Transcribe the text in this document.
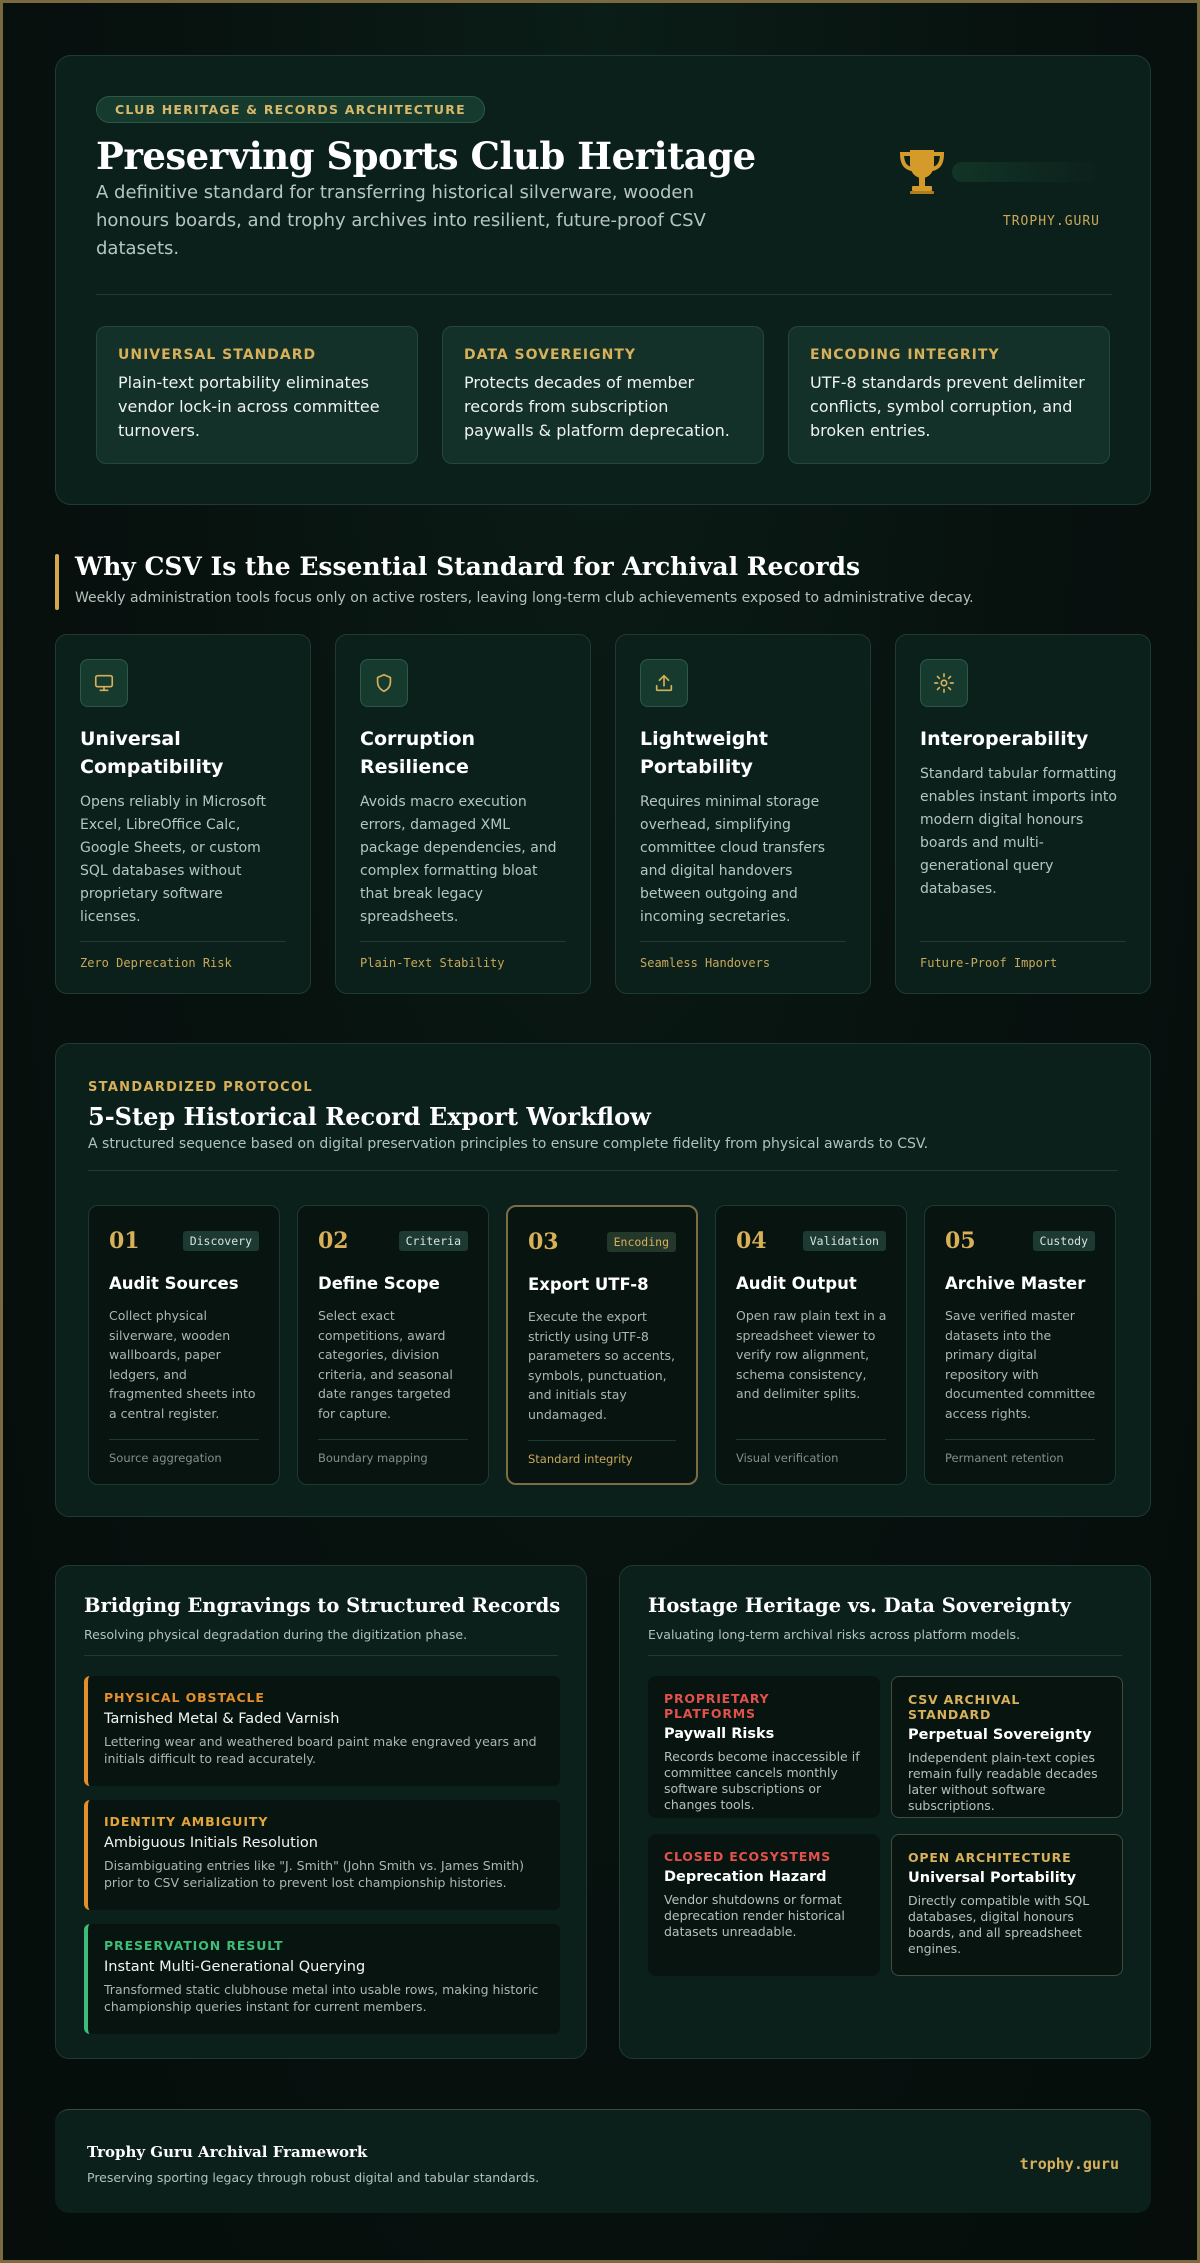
CLUB HERITAGE & RECORDS ARCHITECTURE
Preserving Sports Club Heritage

A definitive standard for transferring historical silverware, wooden honours boards, and trophy archives into resilient, future-proof CSV datasets.

TROPHY.GURU
UNIVERSAL STANDARD
Plain-text portability eliminates vendor lock-in across committee turnovers.
DATA SOVEREIGNTY
Protects decades of member records from subscription paywalls & platform deprecation.
ENCODING INTEGRITY
UTF-8 standards prevent delimiter conflicts, symbol corruption, and broken entries.
Why CSV Is the Essential Standard for Archival Records

Weekly administration tools focus only on active rosters, leaving long-term club achievements exposed to administrative decay.

Universal Compatibility
Opens reliably in Microsoft Excel, LibreOffice Calc, Google Sheets, or custom SQL databases without proprietary software licenses.
Zero Deprecation Risk
Corruption Resilience
Avoids macro execution errors, damaged XML package dependencies, and complex formatting bloat that break legacy spreadsheets.
Plain-Text Stability
Lightweight Portability
Requires minimal storage overhead, simplifying committee cloud transfers and digital handovers between outgoing and incoming secretaries.
Seamless Handovers
Interoperability
Standard tabular formatting enables instant imports into modern digital honours boards and multi-generational query databases.
Future-Proof Import
STANDARDIZED PROTOCOL
5-Step Historical Record Export Workflow

A structured sequence based on digital preservation principles to ensure complete fidelity from physical awards to CSV.

01	Discovery
Audit Sources
Collect physical silverware, wooden wallboards, paper ledgers, and fragmented sheets into a central register.
Source aggregation
02	Criteria
Define Scope
Select exact competitions, award categories, division criteria, and seasonal date ranges targeted for capture.
Boundary mapping
03	Encoding
Export UTF-8
Execute the export strictly using UTF-8 parameters so accents, symbols, punctuation, and initials stay undamaged.
Standard integrity
04	Validation
Audit Output
Open raw plain text in a spreadsheet viewer to verify row alignment, schema consistency, and delimiter splits.
Visual verification
05	Custody
Archive Master
Save verified master datasets into the primary digital repository with documented committee access rights.
Permanent retention
Bridging Engravings to Structured Records

Resolving physical degradation during the digitization phase.

PHYSICAL OBSTACLE
Tarnished Metal & Faded Varnish
Lettering wear and weathered board paint make engraved years and initials difficult to read accurately.
IDENTITY AMBIGUITY
Ambiguous Initials Resolution
Disambiguating entries like "J. Smith" (John Smith vs. James Smith) prior to CSV serialization to prevent lost championship histories.
PRESERVATION RESULT
Instant Multi-Generational Querying
Transformed static clubhouse metal into usable rows, making historic championship queries instant for current members.
Hostage Heritage vs. Data Sovereignty

Evaluating long-term archival risks across platform models.

PROPRIETARY PLATFORMS
Paywall Risks
Records become inaccessible if committee cancels monthly software subscriptions or changes tools.
CSV ARCHIVAL STANDARD
Perpetual Sovereignty
Independent plain-text copies remain fully readable decades later without software subscriptions.
CLOSED ECOSYSTEMS
Deprecation Hazard
Vendor shutdowns or format deprecation render historical datasets unreadable.
OPEN ARCHITECTURE
Universal Portability
Directly compatible with SQL databases, digital honours boards, and all spreadsheet engines.
Trophy Guru Archival Framework
Preserving sporting legacy through robust digital and tabular standards.
trophy.guru
